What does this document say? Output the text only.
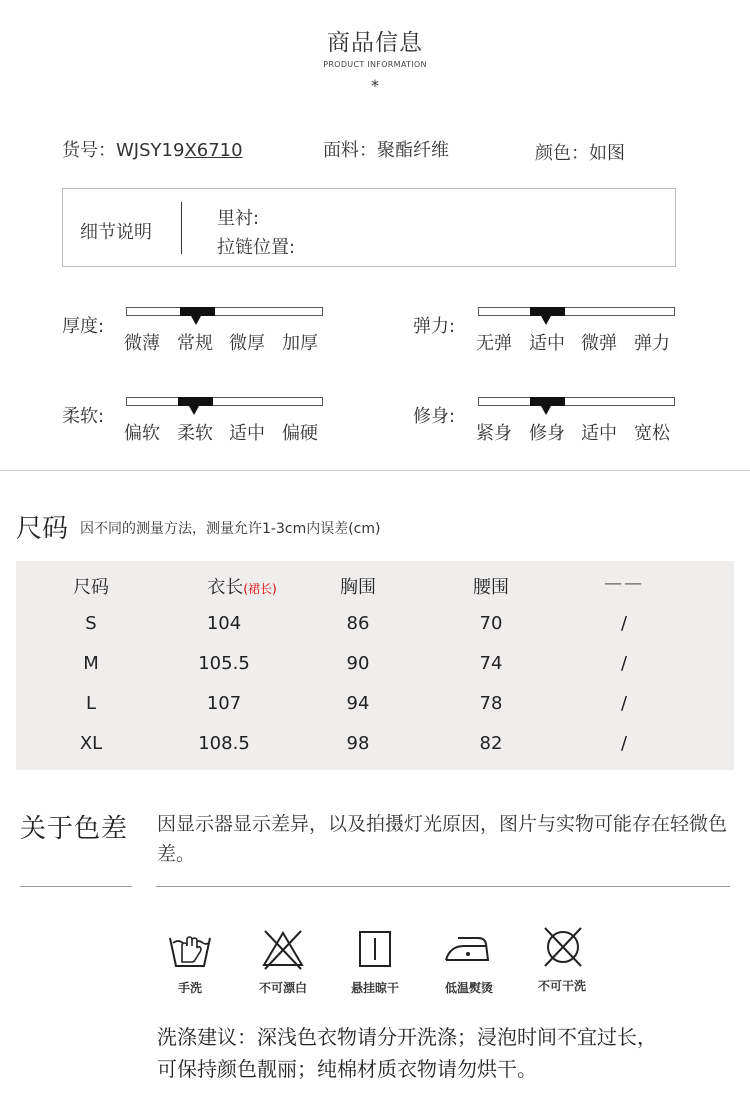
商品信息
PRODUCT INFORMATION
*
货号：WJSY19X6710	面料：聚酯纤维	颜色：如图
细节说明
里衬:
拉链位置:
厚度:
微薄 常规 微厚 加厚
弹力:
无弹 适中 微弹 弹力
柔软:
偏软 柔软 适中 偏硬
修身:
紧身 修身 适中 宽松
尺码 因不同的测量方法，测量允许1-3cm内误差(cm)
尺码	衣长(裙长)	胸围	腰围	——
S	104	86	70	/
M	105.5	90	74	/
L	107	94	78	/
XL	108.5	98	82	/
关于色差 因显示器显示差异，以及拍摄灯光原因，图片与实物可能存在轻微色差。
手洗	不可漂白	悬挂晾干	低温熨烫	不可干洗
洗涤建议：深浅色衣物请分开洗涤；浸泡时间不宜过长，
可保持颜色靓丽；纯棉材质衣物请勿烘干。
